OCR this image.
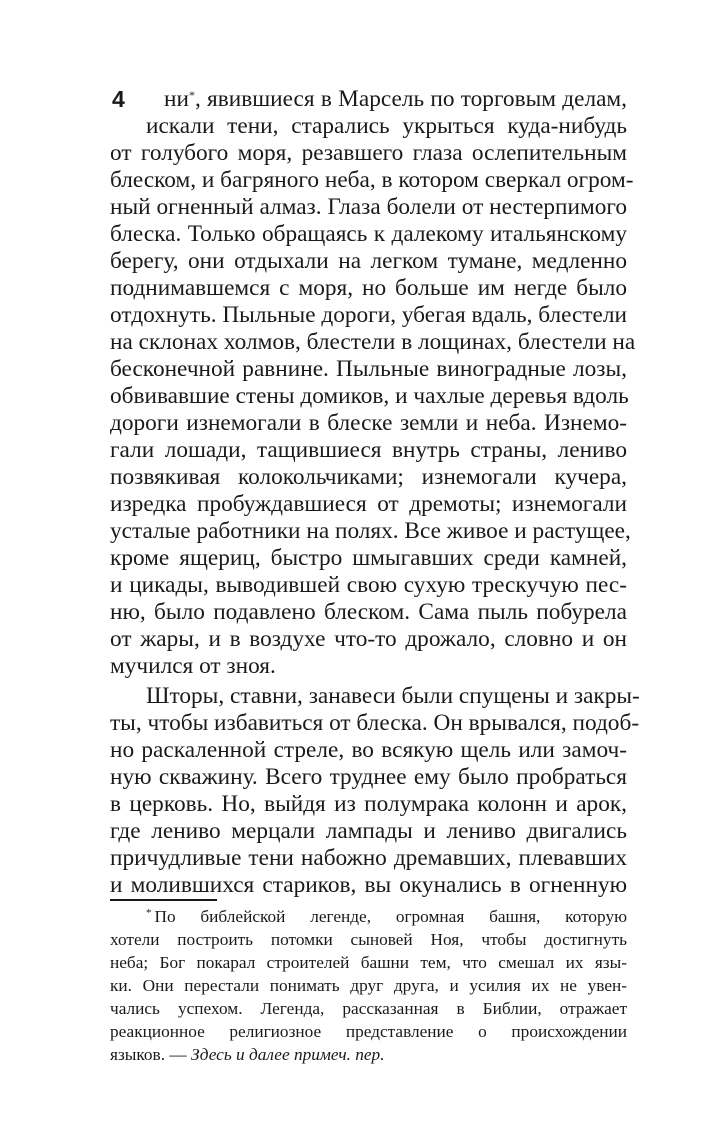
4 ни*, явившиеся в Марсель по торговым делам,
искали тени, старались укрыться куда-нибудь
от голубого моря, резавшего глаза ослепительным
блеском, и багряного неба, в котором сверкал огром-
ный огненный алмаз. Глаза болели от нестерпимого
блеска. Только обращаясь к далекому итальянскому
берегу, они отдыхали на легком тумане, медленно
поднимавшемся с моря, но больше им негде было
отдохнуть. Пыльные дороги, убегая вдаль, блестели
на склонах холмов, блестели в лощинах, блестели на
бесконечной равнине. Пыльные виноградные лозы,
обвивавшие стены домиков, и чахлые деревья вдоль
дороги изнемогали в блеске земли и неба. Изнемо-
гали лошади, тащившиеся внутрь страны, лениво
позвякивая колокольчиками; изнемогали кучера,
изредка пробуждавшиеся от дремоты; изнемогали
усталые работники на полях. Все живое и растущее,
кроме ящериц, быстро шмыгавших среди камней,
и цикады, выводившей свою сухую трескучую пес-
ню, было подавлено блеском. Сама пыль побурела
от жары, и в воздухе что-то дрожало, словно и он
мучился от зноя.
Шторы, ставни, занавеси были спущены и закры-
ты, чтобы избавиться от блеска. Он врывался, подоб-
но раскаленной стреле, во всякую щель или замоч-
ную скважину. Всего труднее ему было пробраться
в церковь. Но, выйдя из полумрака колонн и арок,
где лениво мерцали лампады и лениво двигались
причудливые тени набожно дремавших, плевавших
и молившихся стариков, вы окунались в огненную
* По библейской легенде, огромная башня, которую
хотели построить потомки сыновей Ноя, чтобы достигнуть
неба; Бог покарал строителей башни тем, что смешал их язы-
ки. Они перестали понимать друг друга, и усилия их не увен-
чались успехом. Легенда, рассказанная в Библии, отражает
реакционное религиозное представление о происхождении
языков. — Здесь и далее примеч. пер.
